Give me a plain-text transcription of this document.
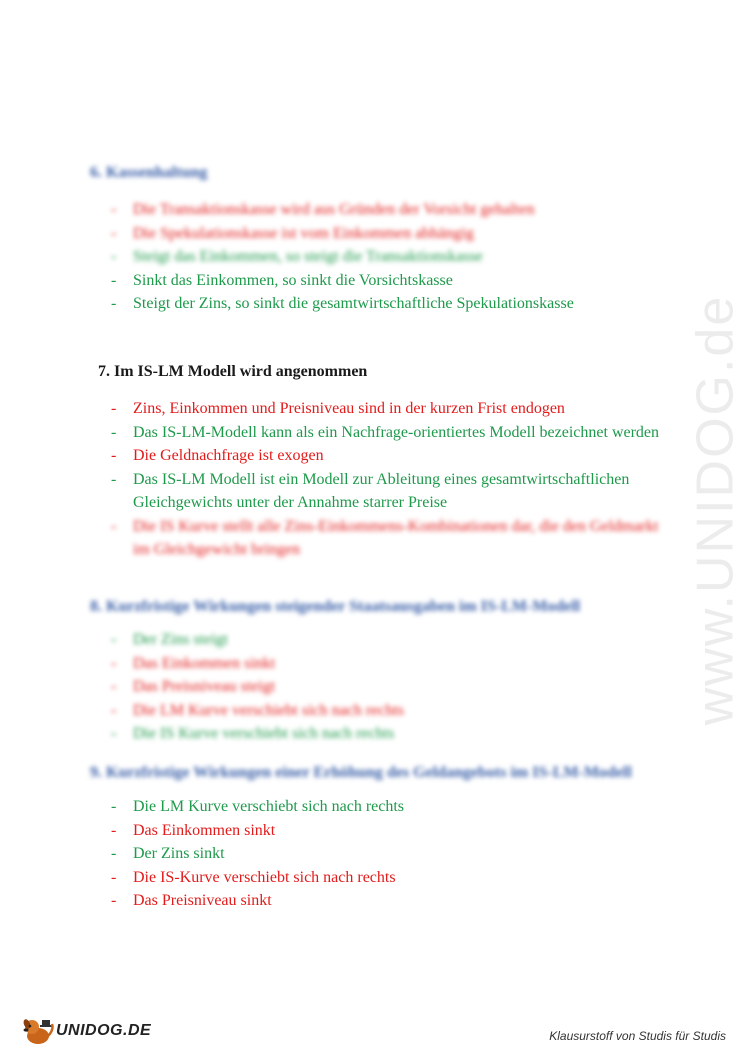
www.UNIDOG.de
6. Kassenhaltung
- Die Transaktionskasse wird aus Gründen der Vorsicht gehalten
- Die Spekulationskasse ist vom Einkommen abhängig
- Steigt das Einkommen, so steigt die Transaktionskasse
- Sinkt das Einkommen, so sinkt die Vorsichtskasse
- Steigt der Zins, so sinkt die gesamtwirtschaftliche Spekulationskasse
7. Im IS-LM Modell wird angenommen
- Zins, Einkommen und Preisniveau sind in der kurzen Frist endogen
- Das IS-LM-Modell kann als ein Nachfrage-orientiertes Modell bezeichnet werden
- Die Geldnachfrage ist exogen
- Das IS-LM Modell ist ein Modell zur Ableitung eines gesamtwirtschaftlichen Gleichgewichts unter der Annahme starrer Preise
- Die IS Kurve stellt alle Zins-Einkommens-Kombinationen dar, die den Geldmarkt im Gleichgewicht bringen
8. Kurzfristige Wirkungen steigender Staatsausgaben im IS-LM-Modell
- Der Zins steigt
- Das Einkommen sinkt
- Das Preisniveau steigt
- Die LM Kurve verschiebt sich nach rechts
- Die IS Kurve verschiebt sich nach rechts
9. Kurzfristige Wirkungen einer Erhöhung des Geldangebots im IS-LM-Modell
- Die LM Kurve verschiebt sich nach rechts
- Das Einkommen sinkt
- Der Zins sinkt
- Die IS-Kurve verschiebt sich nach rechts
- Das Preisniveau sinkt
UNIDOG.DE	Klausurstoff von Studis für Studis
